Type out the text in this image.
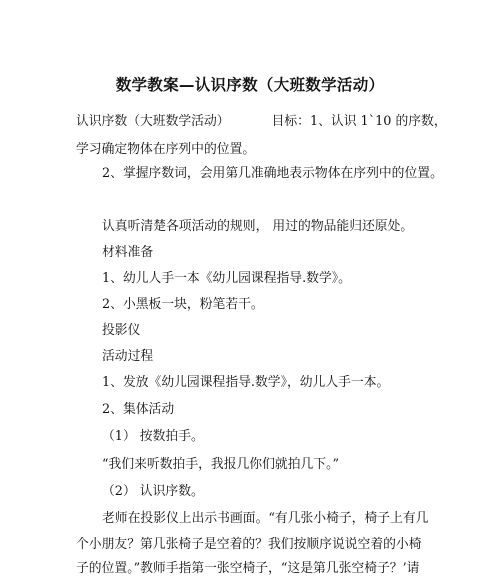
数学教案—认识序数（大班数学活动）
认识序数（大班数学活动）	目标：1、认识 1`10 的序数，
学习确定物体在序列中的位置。
2、掌握序数词，会用第几准确地表示物体在序列中的位置。
认真听清楚各项活动的规则， 用过的物品能归还原处。
材料准备
1、幼儿人手一本《幼儿园课程指导.数学》。
2、小黑板一块，粉笔若干。
投影仪
活动过程
1、发放《幼儿园课程指导.数学》，幼儿人手一本。
2、集体活动
（1） 按数拍手。
“我们来听数拍手，我报几你们就拍几下。”
（2） 认识序数。
老师在投影仪上出示书画面。“有几张小椅子，椅子上有几
个小朋友？第几张椅子是空着的？我们按顺序说说空着的小椅
子的位置。”教师手指第一张空椅子，“这是第几张空椅子？’请
